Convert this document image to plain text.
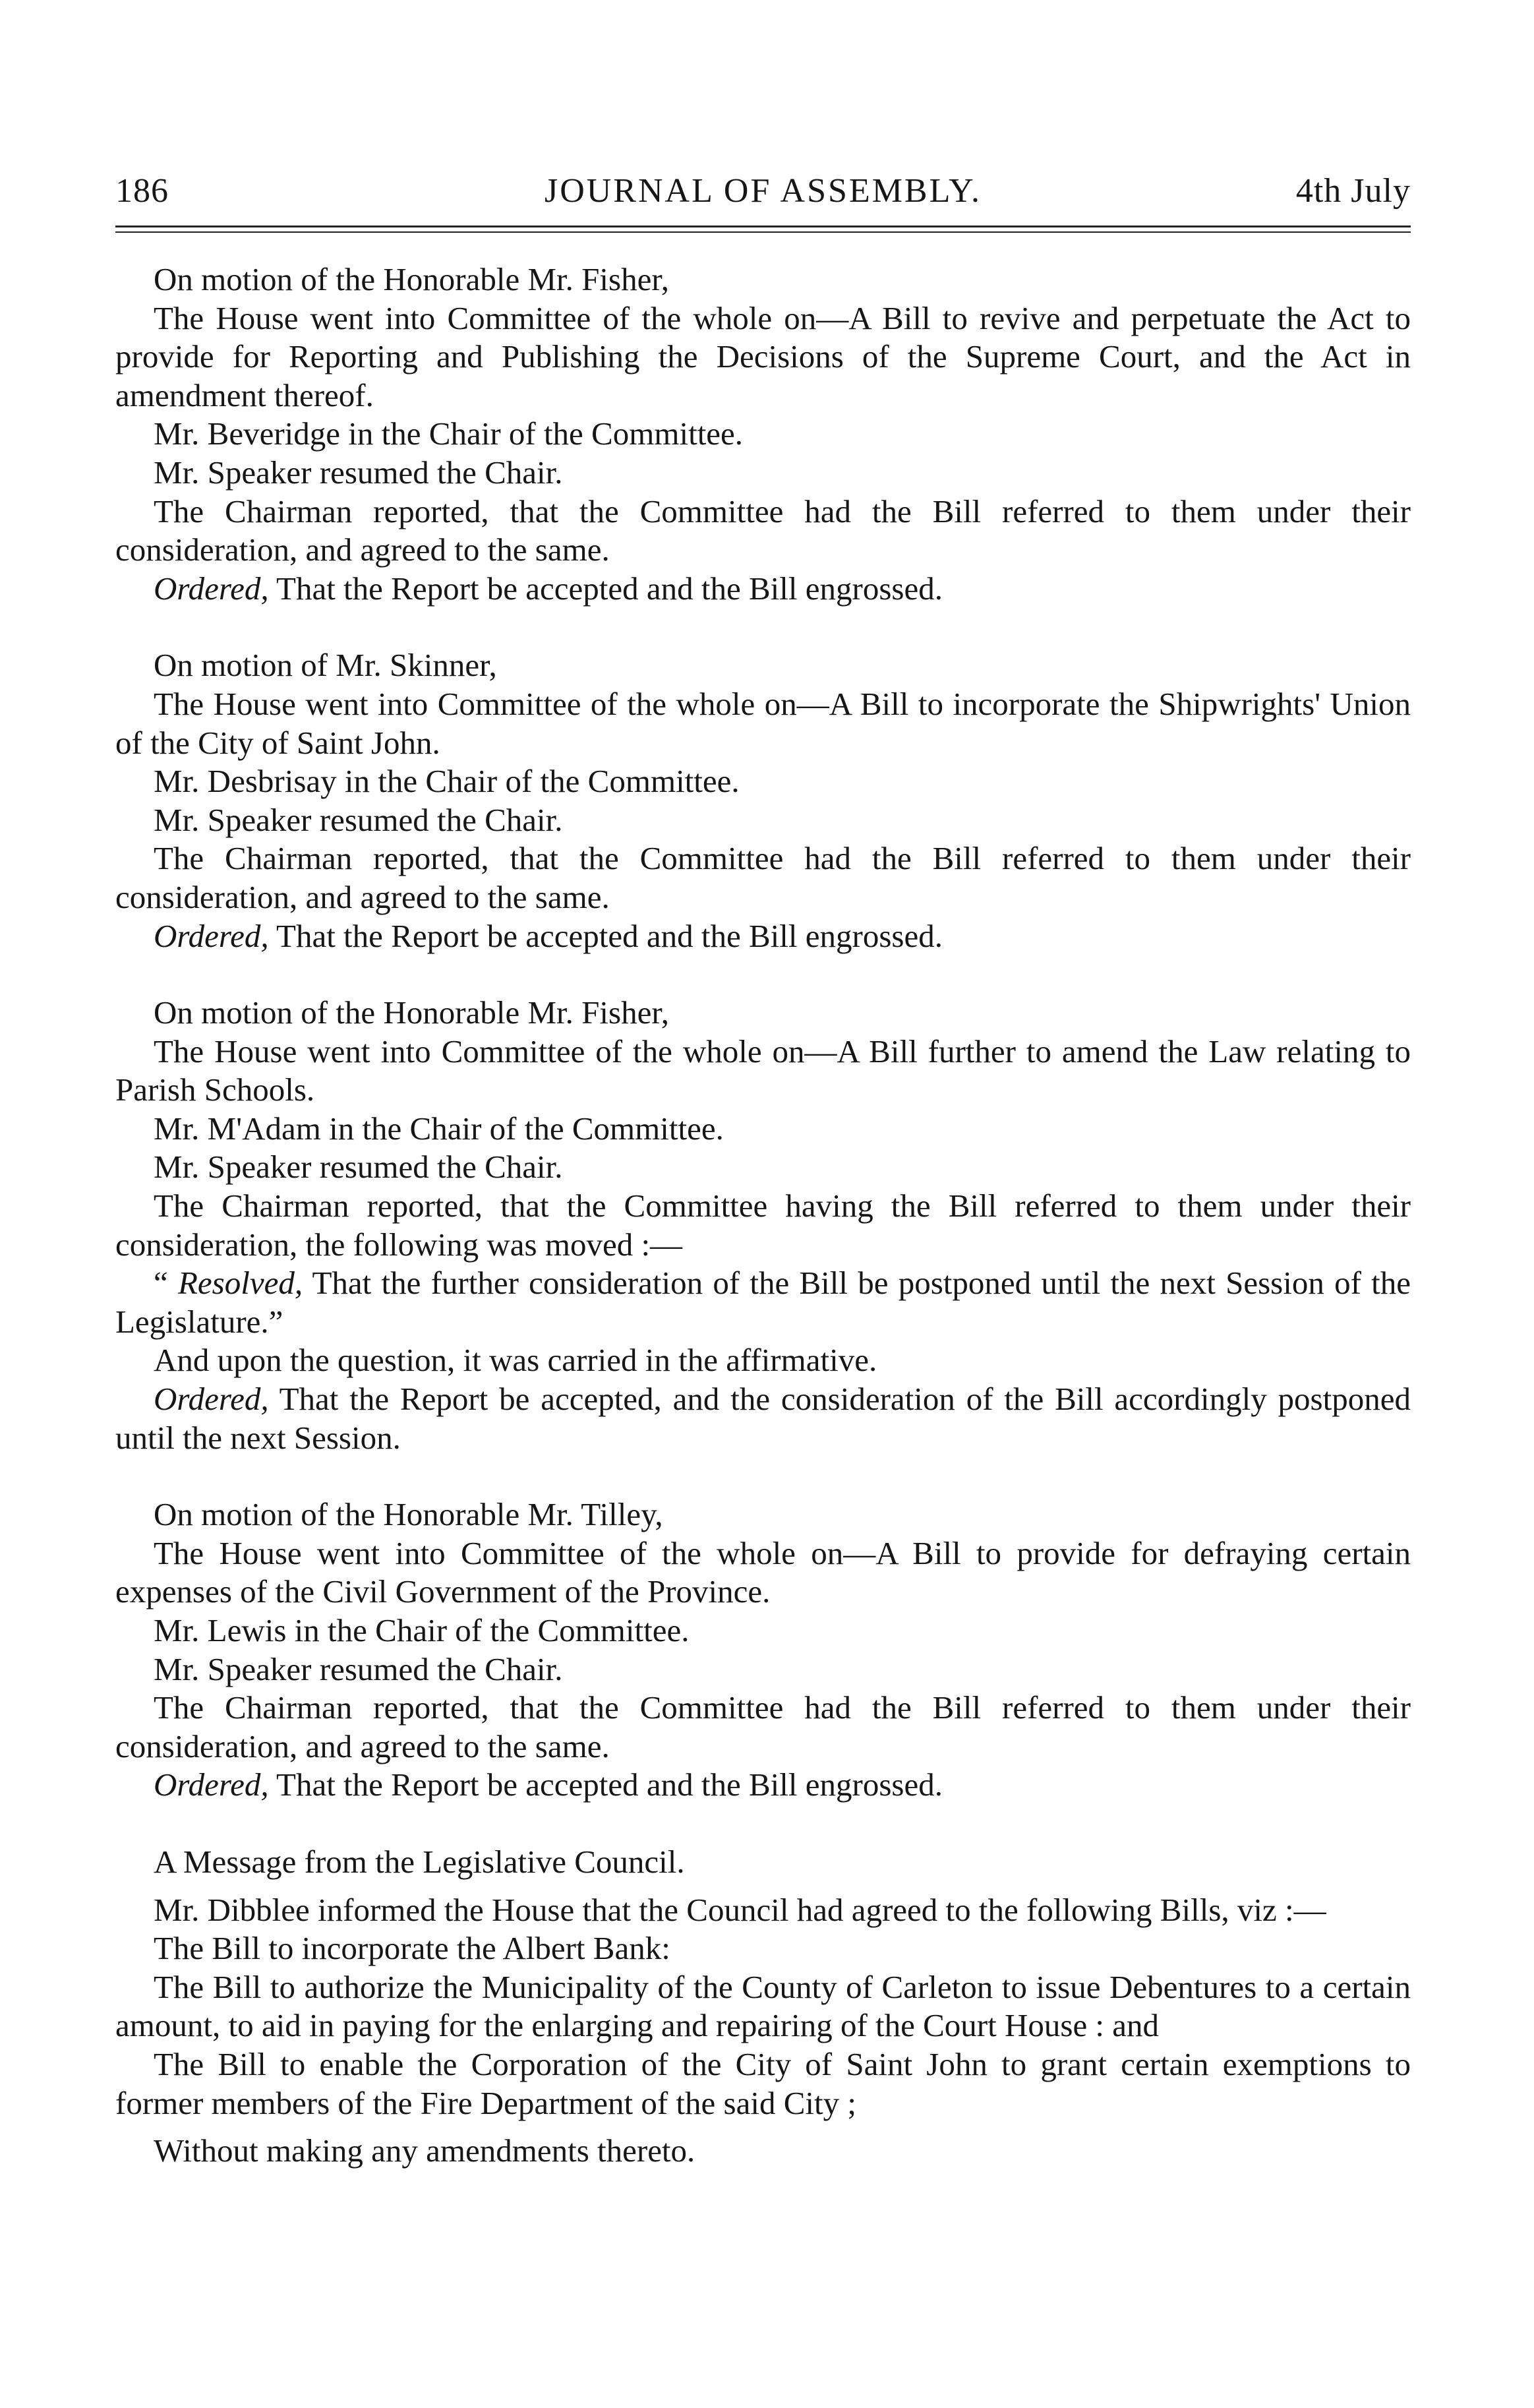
186	JOURNAL OF ASSEMBLY.	4th July

On motion of the Honorable Mr. Fisher,

The House went into Committee of the whole on—A Bill to revive and perpetuate the Act to provide for Reporting and Publishing the Decisions of the Supreme Court, and the Act in amendment thereof.

Mr. Beveridge in the Chair of the Committee.

Mr. Speaker resumed the Chair.

The Chairman reported, that the Committee had the Bill referred to them under their consideration, and agreed to the same.

Ordered, That the Report be accepted and the Bill engrossed.

On motion of Mr. Skinner,

The House went into Committee of the whole on—A Bill to incorporate the Shipwrights' Union of the City of Saint John.

Mr. Desbrisay in the Chair of the Committee.

Mr. Speaker resumed the Chair.

The Chairman reported, that the Committee had the Bill referred to them under their consideration, and agreed to the same.

Ordered, That the Report be accepted and the Bill engrossed.

On motion of the Honorable Mr. Fisher,

The House went into Committee of the whole on—A Bill further to amend the Law relating to Parish Schools.

Mr. M'Adam in the Chair of the Committee.

Mr. Speaker resumed the Chair.

The Chairman reported, that the Committee having the Bill referred to them under their consideration, the following was moved :—

“ Resolved, That the further consideration of the Bill be postponed until the next Session of the Legislature.”

And upon the question, it was carried in the affirmative.

Ordered, That the Report be accepted, and the consideration of the Bill accordingly postponed until the next Session.

On motion of the Honorable Mr. Tilley,

The House went into Committee of the whole on—A Bill to provide for defraying certain expenses of the Civil Government of the Province.

Mr. Lewis in the Chair of the Committee.

Mr. Speaker resumed the Chair.

The Chairman reported, that the Committee had the Bill referred to them under their consideration, and agreed to the same.

Ordered, That the Report be accepted and the Bill engrossed.

A Message from the Legislative Council.

Mr. Dibblee informed the House that the Council had agreed to the following Bills, viz :—

The Bill to incorporate the Albert Bank:

The Bill to authorize the Municipality of the County of Carleton to issue Debentures to a certain amount, to aid in paying for the enlarging and repairing of the Court House : and

The Bill to enable the Corporation of the City of Saint John to grant certain exemptions to former members of the Fire Department of the said City ;

Without making any amendments thereto.
